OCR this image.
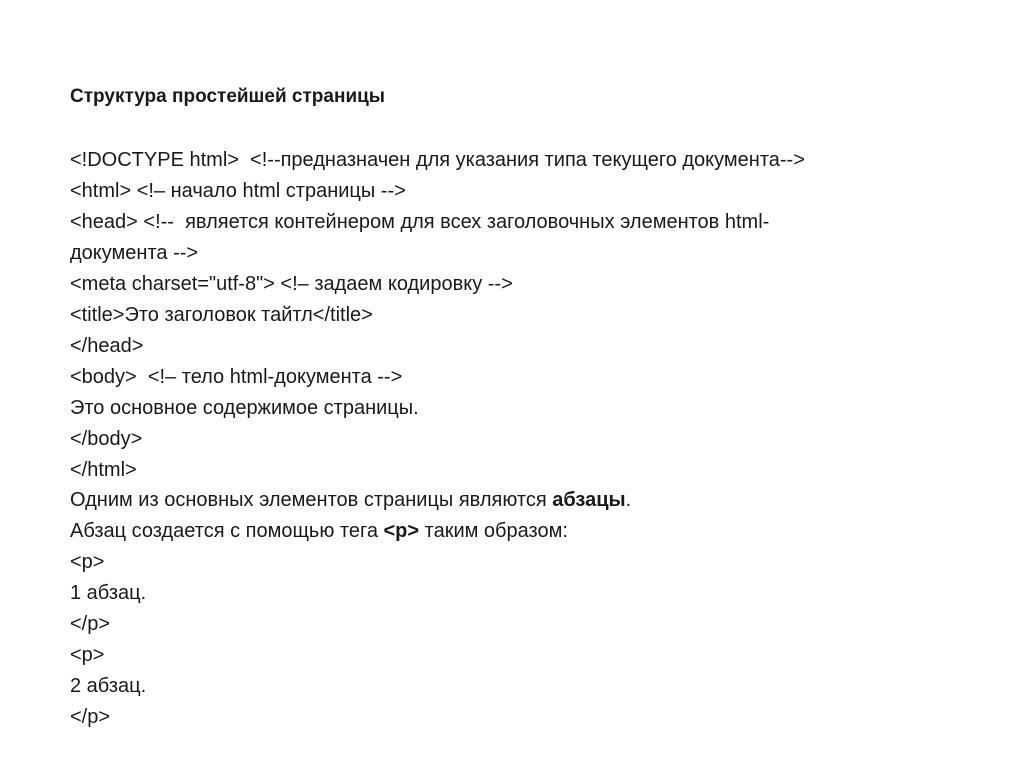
Структура простейшей страницы
<!DOCTYPE html>  <!--предназначен для указания типа текущего документа-->
<html> <!– начало html страницы -->
<head> <!--  является контейнером для всех заголовочных элементов html-
документа -->
<meta charset="utf-8"> <!– задаем кодировку -->
<title>Это заголовок тайтл</title>
</head>
<body>  <!– тело html-документа -->
Это основное содержимое страницы.
</body>
</html>
Одним из основных элементов страницы являются абзацы.
Абзац создается с помощью тега <p> таким образом:
<p>
1 абзац.
</p>
<p>
2 абзац.
</p>
